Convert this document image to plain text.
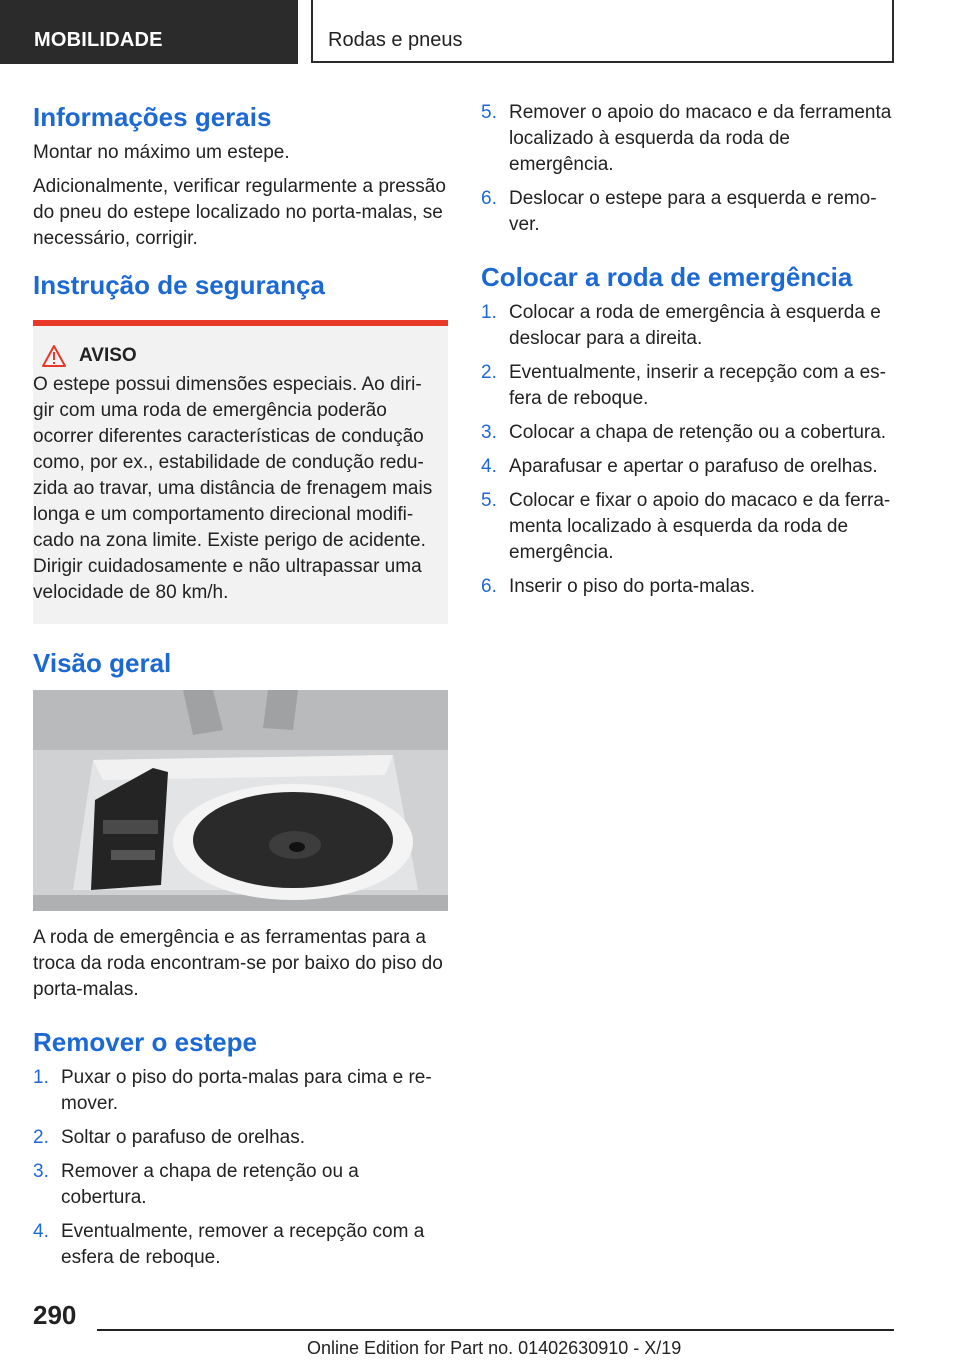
MOBILIDADE	Rodas e pneus
Informações gerais

Montar no máximo um estepe.

Adicionalmente, verificar regularmente a pressão do pneu do estepe localizado no porta-malas, se necessário, corrigir.

Instrução de segurança
AVISO

O estepe possui dimensões especiais. Ao diri-gir com uma roda de emergência poderão ocorrer diferentes características de condução como, por ex., estabilidade de condução redu-zida ao travar, uma distância de frenagem mais longa e um comportamento direcional modifi-cado na zona limite. Existe perigo de acidente. Dirigir cuidadosamente e não ultrapassar uma velocidade de 80 km/h.

Visão geral

A roda de emergência e as ferramentas para a troca da roda encontram-se por baixo do piso do porta-malas.

Remover o estepe
1. Puxar o piso do porta-malas para cima e re-mover.
2. Soltar o parafuso de orelhas.
3. Remover a chapa de retenção ou a cobertura.
4. Eventualmente, remover a recepção com a esfera de reboque.
5. Remover o apoio do macaco e da ferramenta localizado à esquerda da roda de emergência.
6. Deslocar o estepe para a esquerda e remo-ver.
Colocar a roda de emergência
1. Colocar a roda de emergência à esquerda e deslocar para a direita.
2. Eventualmente, inserir a recepção com a es-fera de reboque.
3. Colocar a chapa de retenção ou a cobertura.
4. Aparafusar e apertar o parafuso de orelhas.
5. Colocar e fixar o apoio do macaco e da ferra-menta localizado à esquerda da roda de emergência.
6. Inserir o piso do porta-malas.
290
Online Edition for Part no. 01402630910 - X/19
